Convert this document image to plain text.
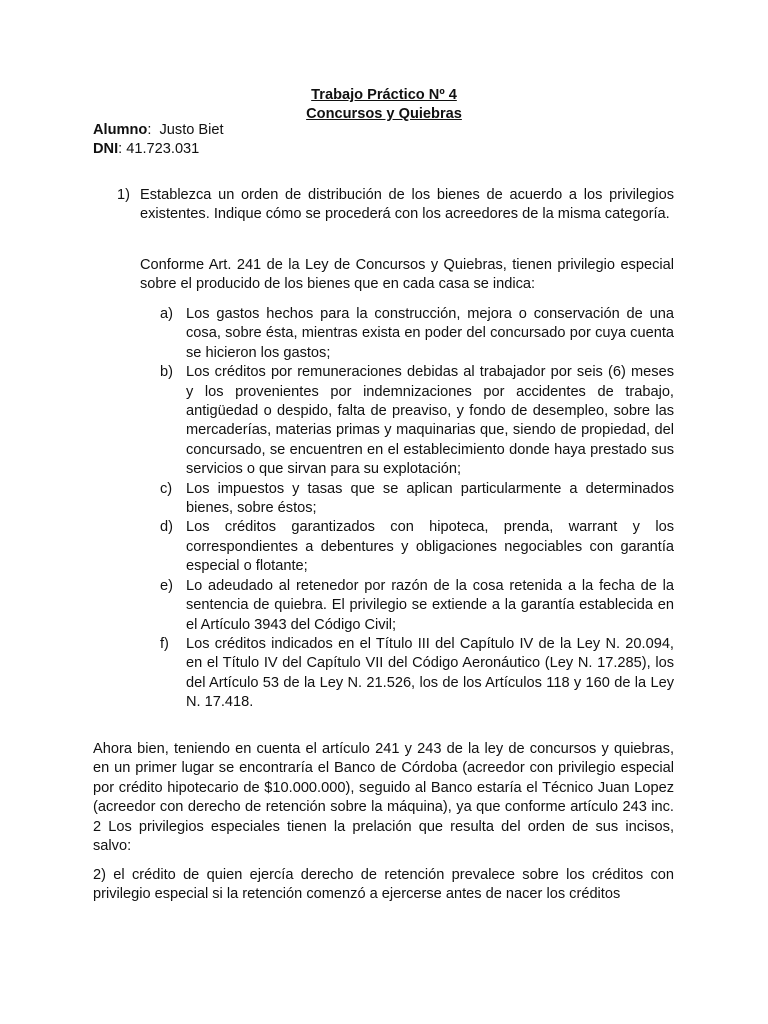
Trabajo Práctico Nº 4
Concursos y Quiebras
Alumno:  Justo Biet
DNI: 41.723.031
1) Establezca un orden de distribución de los bienes de acuerdo a los privilegios existentes. Indique cómo se procederá con los acreedores de la misma categoría.
Conforme Art. 241 de la Ley de Concursos y Quiebras, tienen privilegio especial sobre el producido de los bienes que en cada casa se indica:
a) Los gastos hechos para la construcción, mejora o conservación de una cosa, sobre ésta, mientras exista en poder del concursado por cuya cuenta se hicieron los gastos;
b) Los créditos por remuneraciones debidas al trabajador por seis (6) meses y los provenientes por indemnizaciones por accidentes de trabajo, antigüedad o despido, falta de preaviso, y fondo de desempleo, sobre las mercaderías, materias primas y maquinarias que, siendo de propiedad, del concursado, se encuentren en el establecimiento donde haya prestado sus servicios o que sirvan para su explotación;
c) Los impuestos y tasas que se aplican particularmente a determinados bienes, sobre éstos;
d) Los créditos garantizados con hipoteca, prenda, warrant y los correspondientes a debentures y obligaciones negociables con garantía especial o flotante;
e) Lo adeudado al retenedor por razón de la cosa retenida a la fecha de la sentencia de quiebra. El privilegio se extiende a la garantía establecida en el Artículo 3943 del Código Civil;
f) Los créditos indicados en el Título III del Capítulo IV de la Ley N. 20.094, en el Título IV del Capítulo VII del Código Aeronáutico (Ley N. 17.285), los del Artículo 53 de la Ley N. 21.526, los de los Artículos 118 y 160 de la Ley N. 17.418.
Ahora bien, teniendo en cuenta el artículo 241 y 243 de la ley de concursos y quiebras, en un primer lugar se encontraría el Banco de Córdoba (acreedor con privilegio especial por crédito hipotecario de $10.000.000), seguido al Banco estaría el Técnico Juan Lopez (acreedor con derecho de retención sobre la máquina), ya que conforme artículo 243 inc. 2 Los privilegios especiales tienen la prelación que resulta del orden de sus incisos, salvo:
2) el crédito de quien ejercía derecho de retención prevalece sobre los créditos con privilegio especial si la retención comenzó a ejercerse antes de nacer los créditos
